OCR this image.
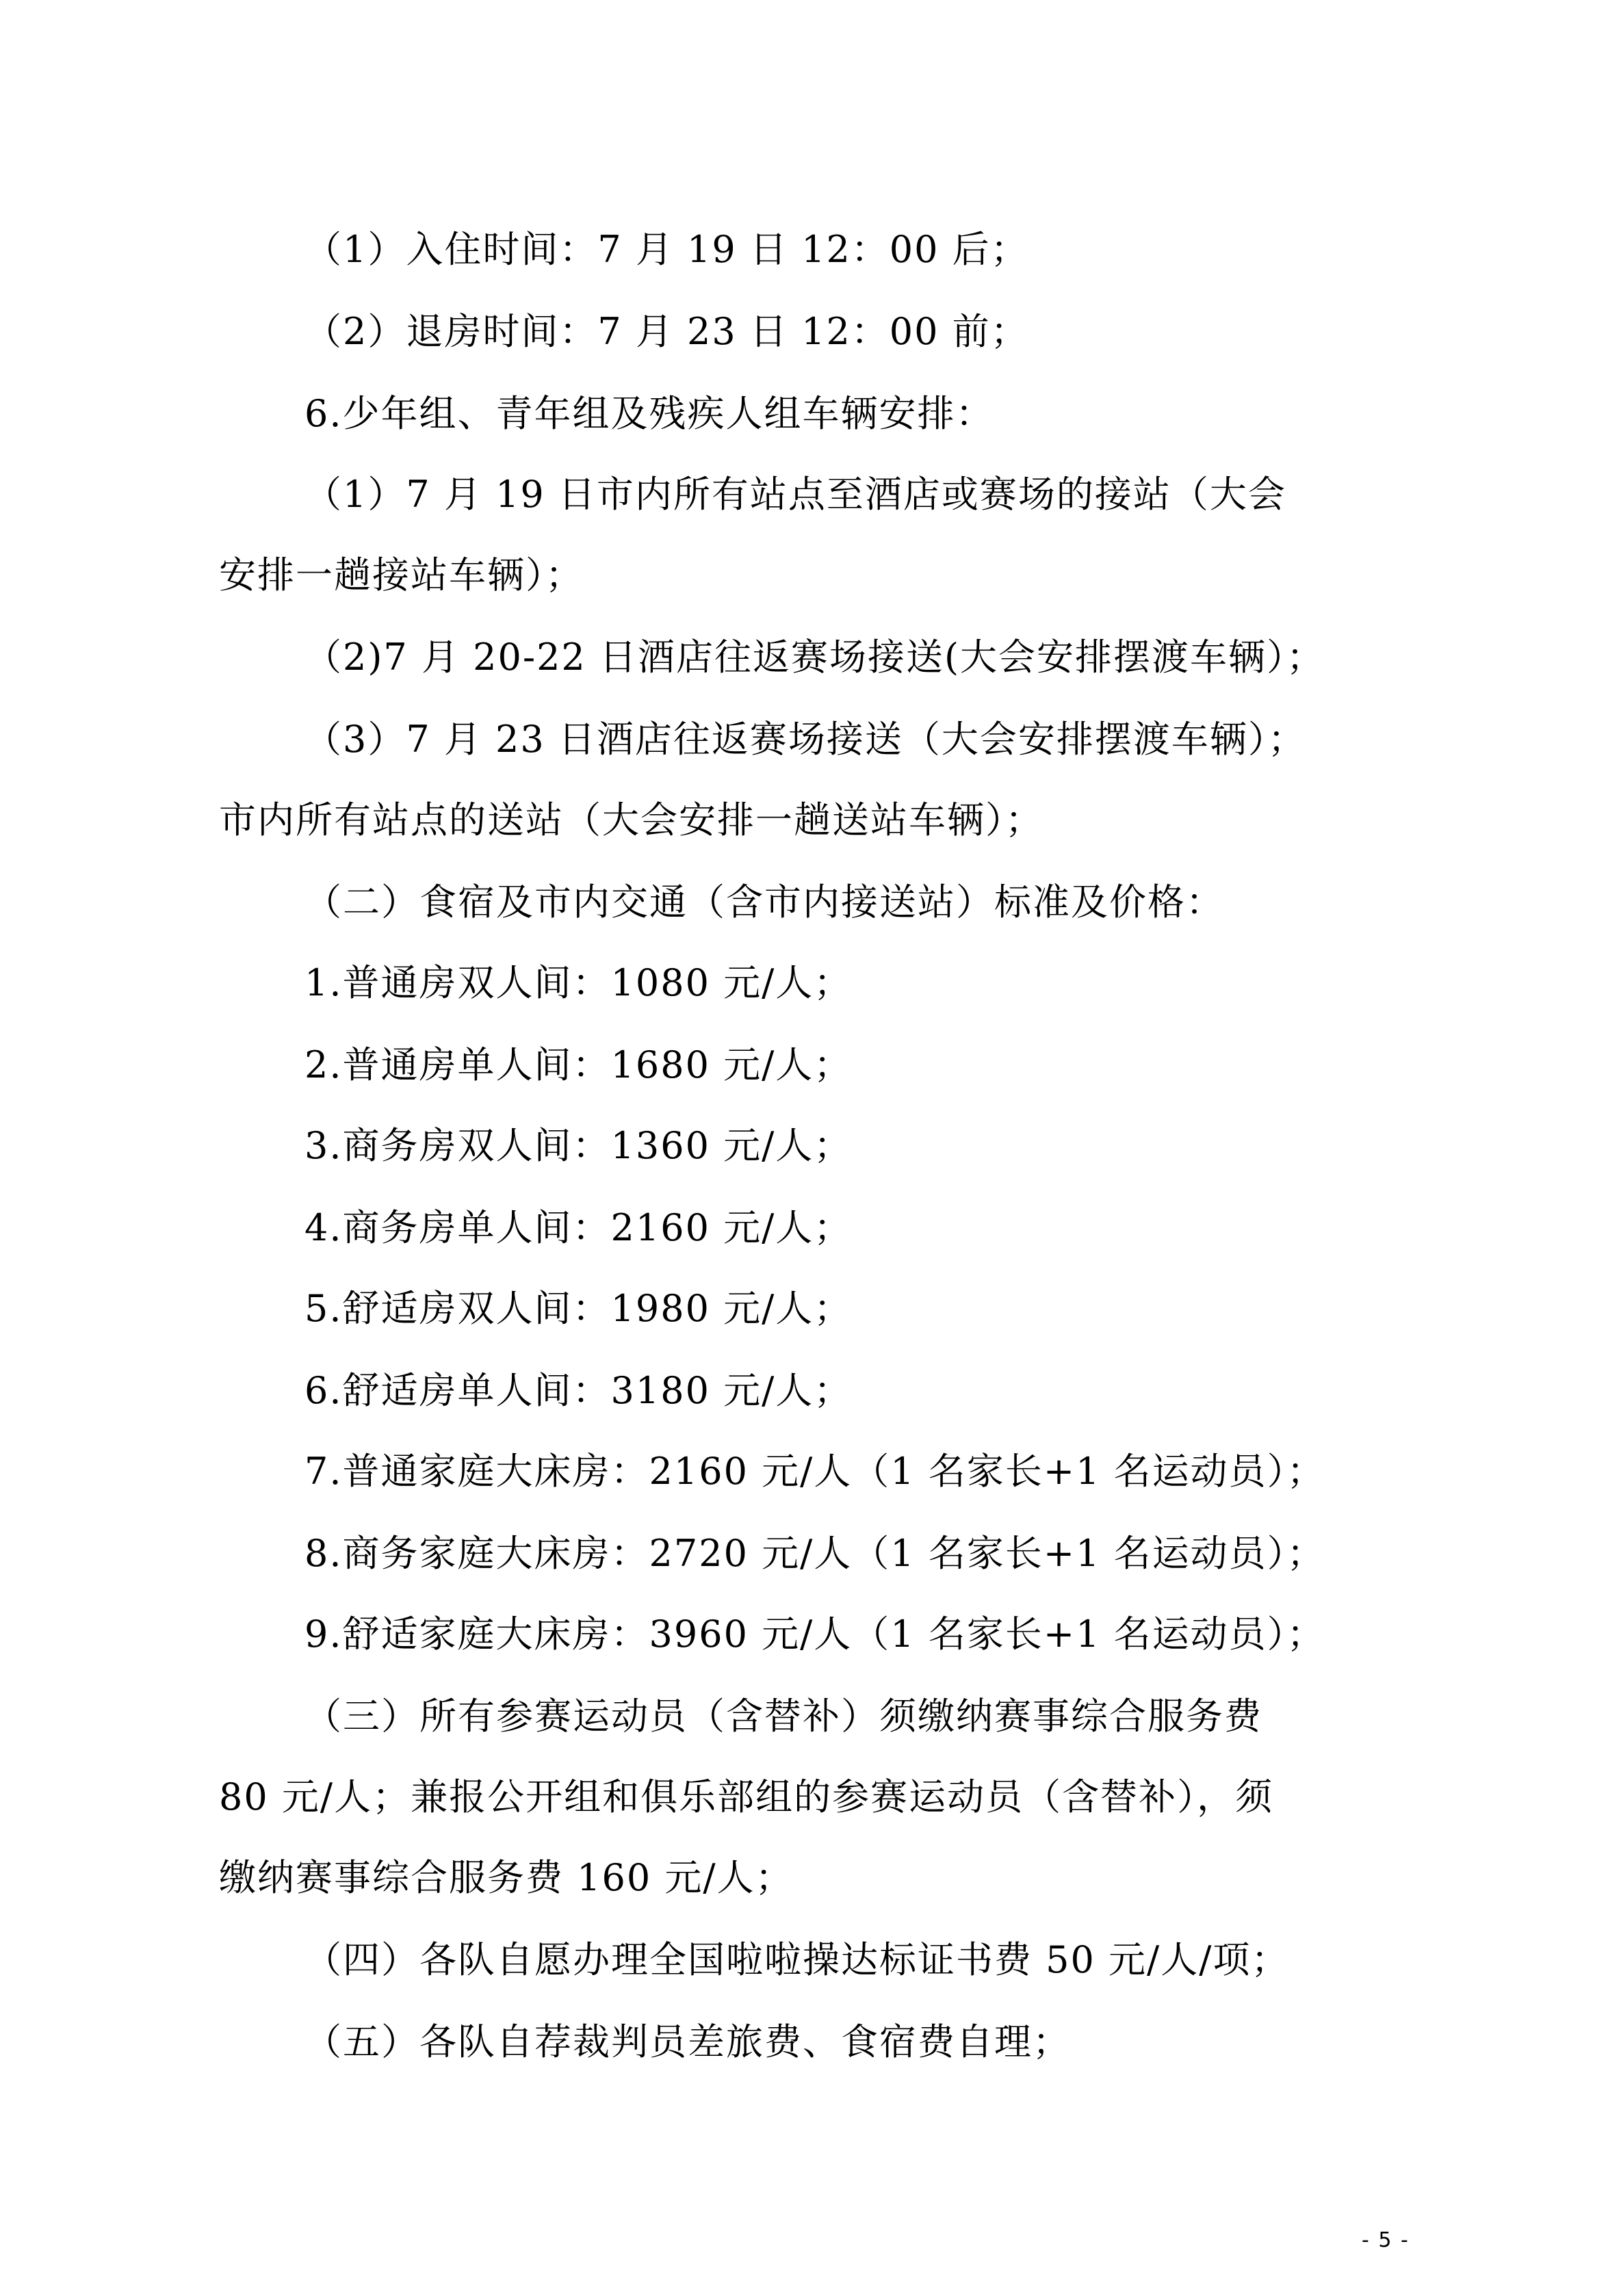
（1）入住时间：7 月 19 日 12：00 后；
（2）退房时间：7 月 23 日 12：00 前；
6.少年组、青年组及残疾人组车辆安排：
（1）7 月 19 日市内所有站点至酒店或赛场的接站（大会
安排一趟接站车辆）；
（2)7 月 20-22 日酒店往返赛场接送(大会安排摆渡车辆）；
（3）7 月 23 日酒店往返赛场接送（大会安排摆渡车辆）；
市内所有站点的送站（大会安排一趟送站车辆）；
（二）食宿及市内交通（含市内接送站）标准及价格：
1.普通房双人间：1080 元/人；
2.普通房单人间：1680 元/人；
3.商务房双人间：1360 元/人；
4.商务房单人间：2160 元/人；
5.舒适房双人间：1980 元/人；
6.舒适房单人间：3180 元/人；
7.普通家庭大床房：2160 元/人（1 名家长+1 名运动员）；
8.商务家庭大床房：2720 元/人（1 名家长+1 名运动员）；
9.舒适家庭大床房：3960 元/人（1 名家长+1 名运动员）；
（三）所有参赛运动员（含替补）须缴纳赛事综合服务费
80 元/人；兼报公开组和俱乐部组的参赛运动员（含替补），须
缴纳赛事综合服务费 160 元/人；
（四）各队自愿办理全国啦啦操达标证书费 50 元/人/项；
（五）各队自荐裁判员差旅费、食宿费自理；
- 5 -
